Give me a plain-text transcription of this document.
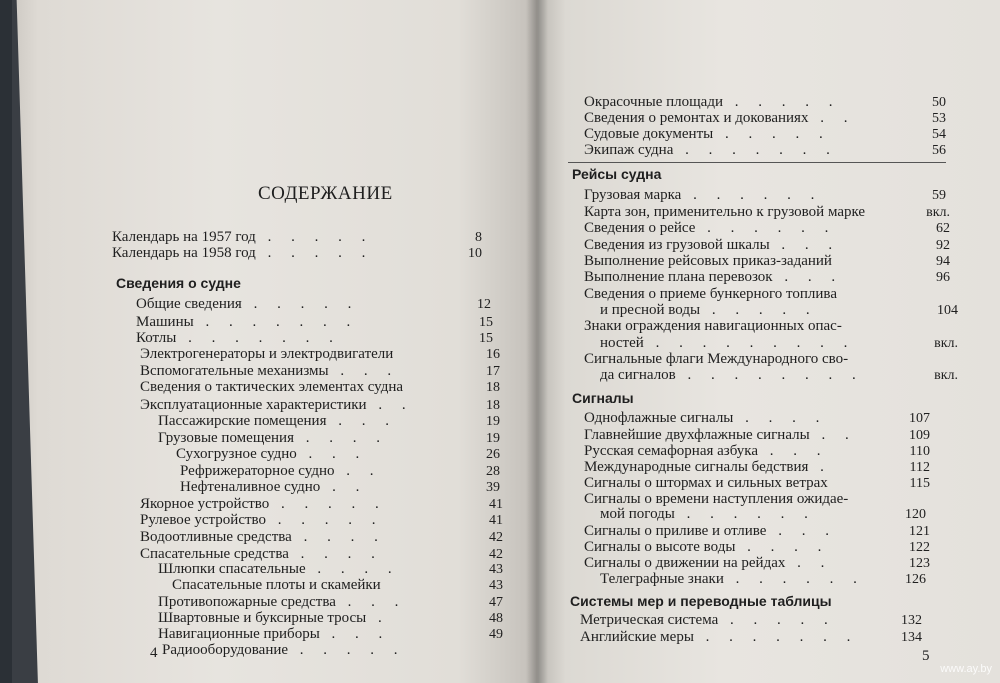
СОДЕРЖАНИЕ
Календарь на 1957 год . . . . .	8
Календарь на 1958 год . . . . .	10
Сведения о судне
Общие сведения . . . . .	12
Машины . . . . . . .	15
Котлы . . . . . . .	15
Электрогенераторы и электродвигатели	16
Вспомогательные механизмы . . .	17
Сведения о тактических элементах судна	18
Эксплуатационные характеристики . .	18
Пассажирские помещения . . .	19
Грузовые помещения . . . .	19
Сухогрузное судно . . .	26
Рефрижераторное судно . .	28
Нефтеналивное судно . .	39
Якорное устройство . . . . .	41
Рулевое устройство . . . . .	41
Водоотливные средства . . . .	42
Спасательные средства . . . .	42
Шлюпки спасательные . . . .	43
Спасательные плоты и скамейки	43
Противопожарные средства . . .	47
Швартовные и буксирные тросы .	48
Навигационные приборы . . .	49
Радиооборудование . . . . .
Окрасочные площади . . . . .	50
Сведения о ремонтах и докованиях . .	53
Судовые документы . . . . .	54
Экипаж судна . . . . . . .	56
Рейсы судна
Грузовая марка . . . . . .	59
Карта зон, применительно к грузовой марке	вкл.
Сведения о рейсе . . . . . .	62
Сведения из грузовой шкалы . . .	92
Выполнение рейсовых приказ-заданий	94
Выполнение плана перевозок . . .	96
Сведения о приеме бункерного топлива
и пресной воды . . . . .	104
Знаки ограждения навигационных опас-
ностей . . . . . . . . .	вкл.
Сигнальные флаги Международного сво-
да сигналов . . . . . . . .	вкл.
Сигналы
Однофлажные сигналы . . . .	107
Главнейшие двухфлажные сигналы . .	109
Русская семафорная азбука . . .	110
Международные сигналы бедствия .	112
Сигналы о штормах и сильных ветрах	115
Сигналы о времени наступления ожидае-
мой погоды . . . . . .	120
Сигналы о приливе и отливе . . .	121
Сигналы о высоте воды . . . .	122
Сигналы о движении на рейдах . .	123
Телеграфные знаки . . . . . .	126
Системы мер и переводные таблицы
Метрическая система . . . . .	132
Английские меры . . . . . . .	134
4	5
www.ay.by
